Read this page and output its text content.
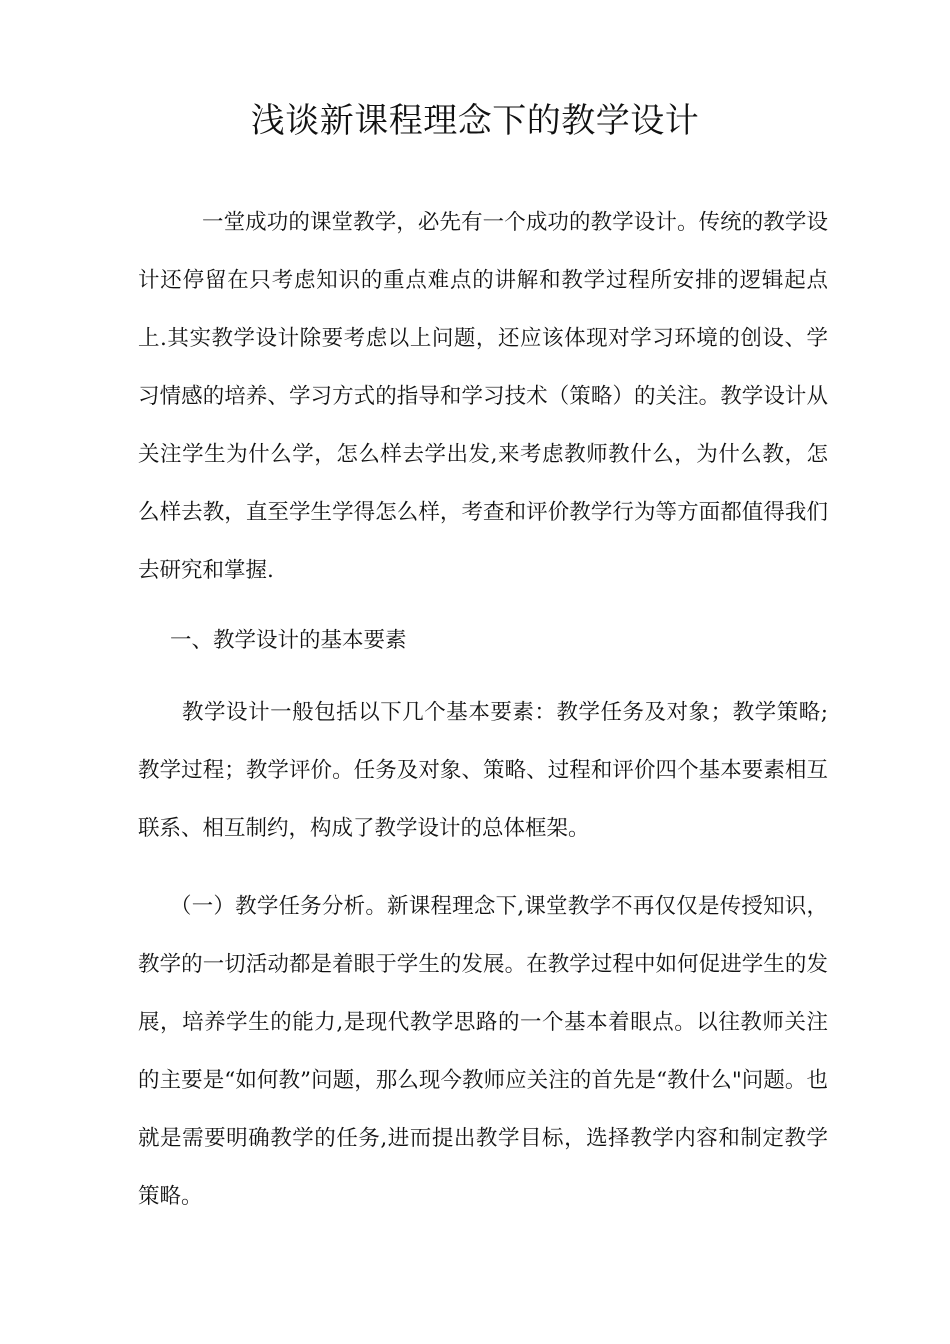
浅谈新课程理念下的教学设计

一堂成功的课堂教学，必先有一个成功的教学设计。传统的教学设计还停留在只考虑知识的重点难点的讲解和教学过程所安排的逻辑起点上.其实教学设计除要考虑以上问题，还应该体现对学习环境的创设、学习情感的培养、学习方式的指导和学习技术（策略）的关注。教学设计从关注学生为什么学，怎么样去学出发,来考虑教师教什么，为什么教，怎么样去教，直至学生学得怎么样，考查和评价教学行为等方面都值得我们去研究和掌握.

一、教学设计的基本要素

教学设计一般包括以下几个基本要素：教学任务及对象；教学策略;教学过程；教学评价。任务及对象、策略、过程和评价四个基本要素相互联系、相互制约，构成了教学设计的总体框架。

（一）教学任务分析。新课程理念下,课堂教学不再仅仅是传授知识，教学的一切活动都是着眼于学生的发展。在教学过程中如何促进学生的发展，培养学生的能力,是现代教学思路的一个基本着眼点。以往教师关注的主要是“如何教”问题，那么现今教师应关注的首先是“教什么"问题。也就是需要明确教学的任务,进而提出教学目标，选择教学内容和制定教学策略。
